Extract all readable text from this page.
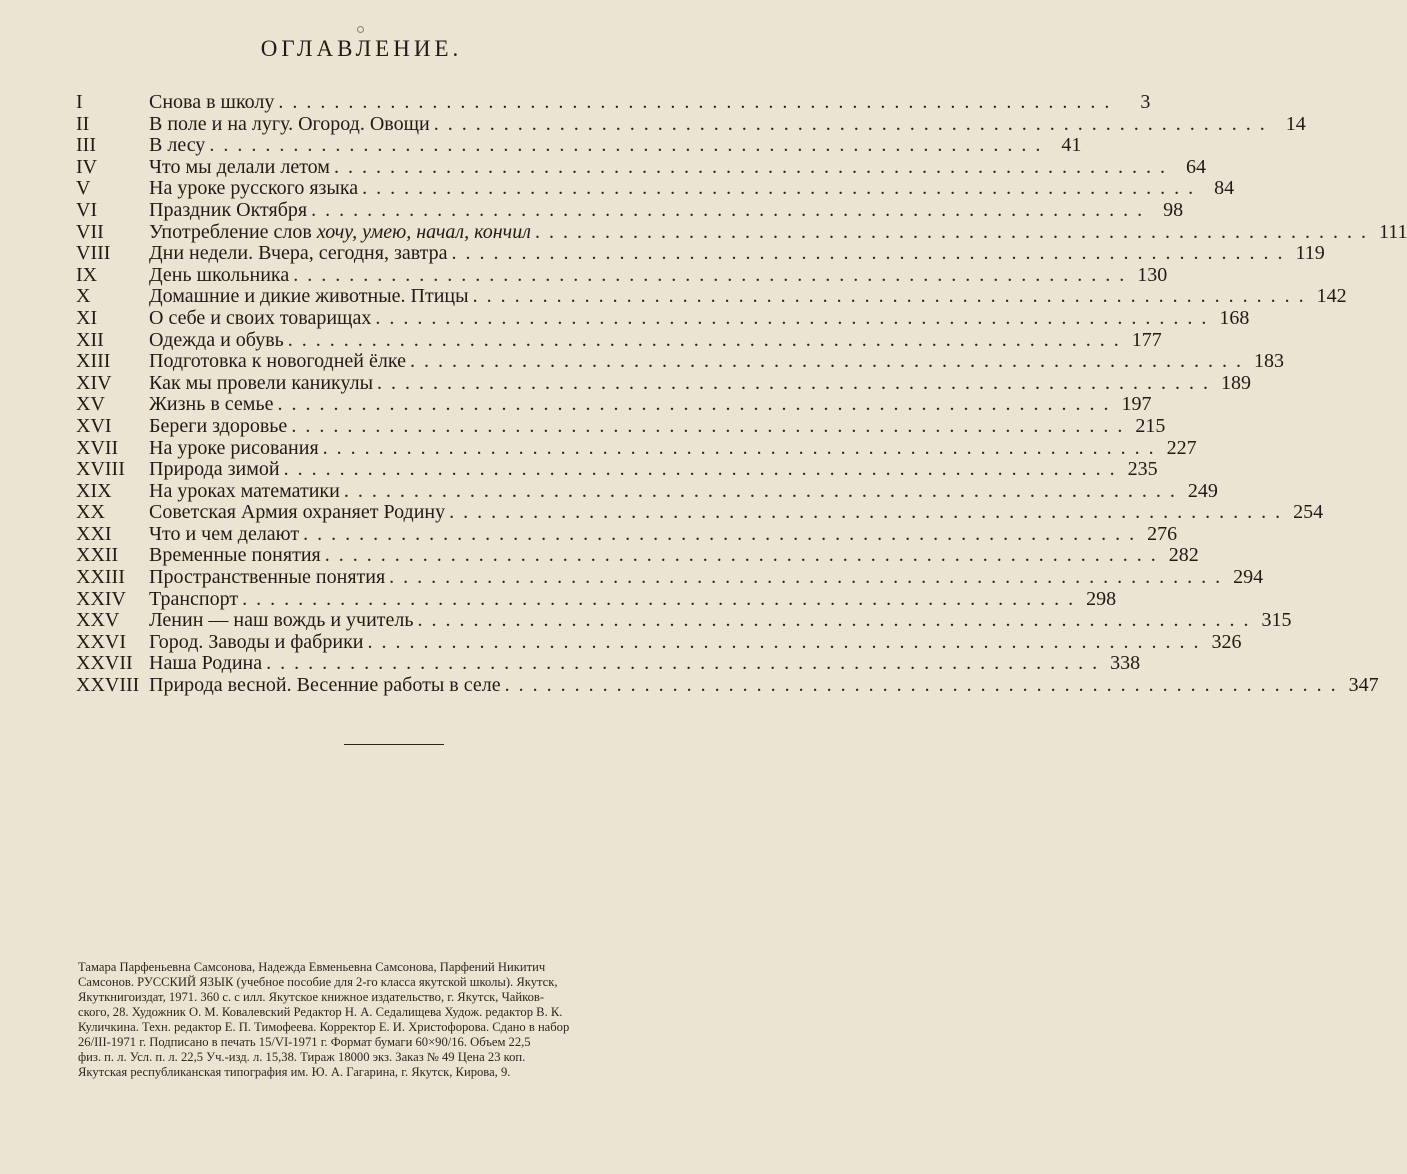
ОГЛАВЛЕНИЕ.
I	Снова в школу ............................................................	3
II	В поле и на лугу. Огород. Овощи ............................................................ 14
III	В лесу ............................................................ 41
IV	Что мы делали летом ............................................................ 64
V	На уроке русского языка ............................................................ 84
VI	Праздник Октября ............................................................ 98
VII	Употребление слов хочу, умею, начал, кончил ............................................................ 111
VIII	Дни недели. Вчера, сегодня, завтра ............................................................ 119
IX	День школьника ............................................................ 130
X	Домашние и дикие животные. Птицы ............................................................ 142
XI	О себе и своих товарищах ............................................................ 168
XII	Одежда и обувь ............................................................ 177
XIII	Подготовка к новогодней ёлке ............................................................ 183
XIV	Как мы провели каникулы ............................................................ 189
XV	Жизнь в семье ............................................................ 197
XVI	Береги здоровье ............................................................ 215
XVII	На уроке рисования ............................................................ 227
XVIII	Природа зимой ............................................................ 235
XIX	На уроках математики ............................................................ 249
XX	Советская Армия охраняет Родину ............................................................ 254
XXI	Что и чем делают ............................................................ 276
XXII	Временные понятия ............................................................ 282
XXIII	Пространственные понятия ............................................................ 294
XXIV	Транспорт ............................................................ 298
XXV	Ленин — наш вождь и учитель ............................................................ 315
XXVI	Город. Заводы и фабрики ............................................................ 326
XXVII Наша Родина ............................................................ 338
XXVIII Природа весной. Весенние работы в селе ............................................................ 347
Тамара Парфеньевна Самсонова, Надежда Евменьевна Самсонова, Парфений Никитич
Самсонов. РУССКИЙ ЯЗЫК (учебное пособие для 2-го класса якутской школы). Якутск,
Якуткнигоиздат, 1971. 360 с. с илл. Якутское книжное издательство, г. Якутск, Чайков-
ского, 28. Художник О. М. Ковалевский Редактор Н. А. Седалищева Худож. редактор В. К.
Куличкина. Техн. редактор Е. П. Тимофеева. Корректор Е. И. Христофорова. Сдано в набор
26/III-1971 г. Подписано в печать 15/VI-1971 г. Формат бумаги 60×90/16. Объем 22,5
физ. п. л. Усл. п. л. 22,5 Уч.-изд. л. 15,38. Тираж 18000 экз. Заказ № 49 Цена 23 коп.
Якутская республиканская типография им. Ю. А. Гагарина, г. Якутск, Кирова, 9.
